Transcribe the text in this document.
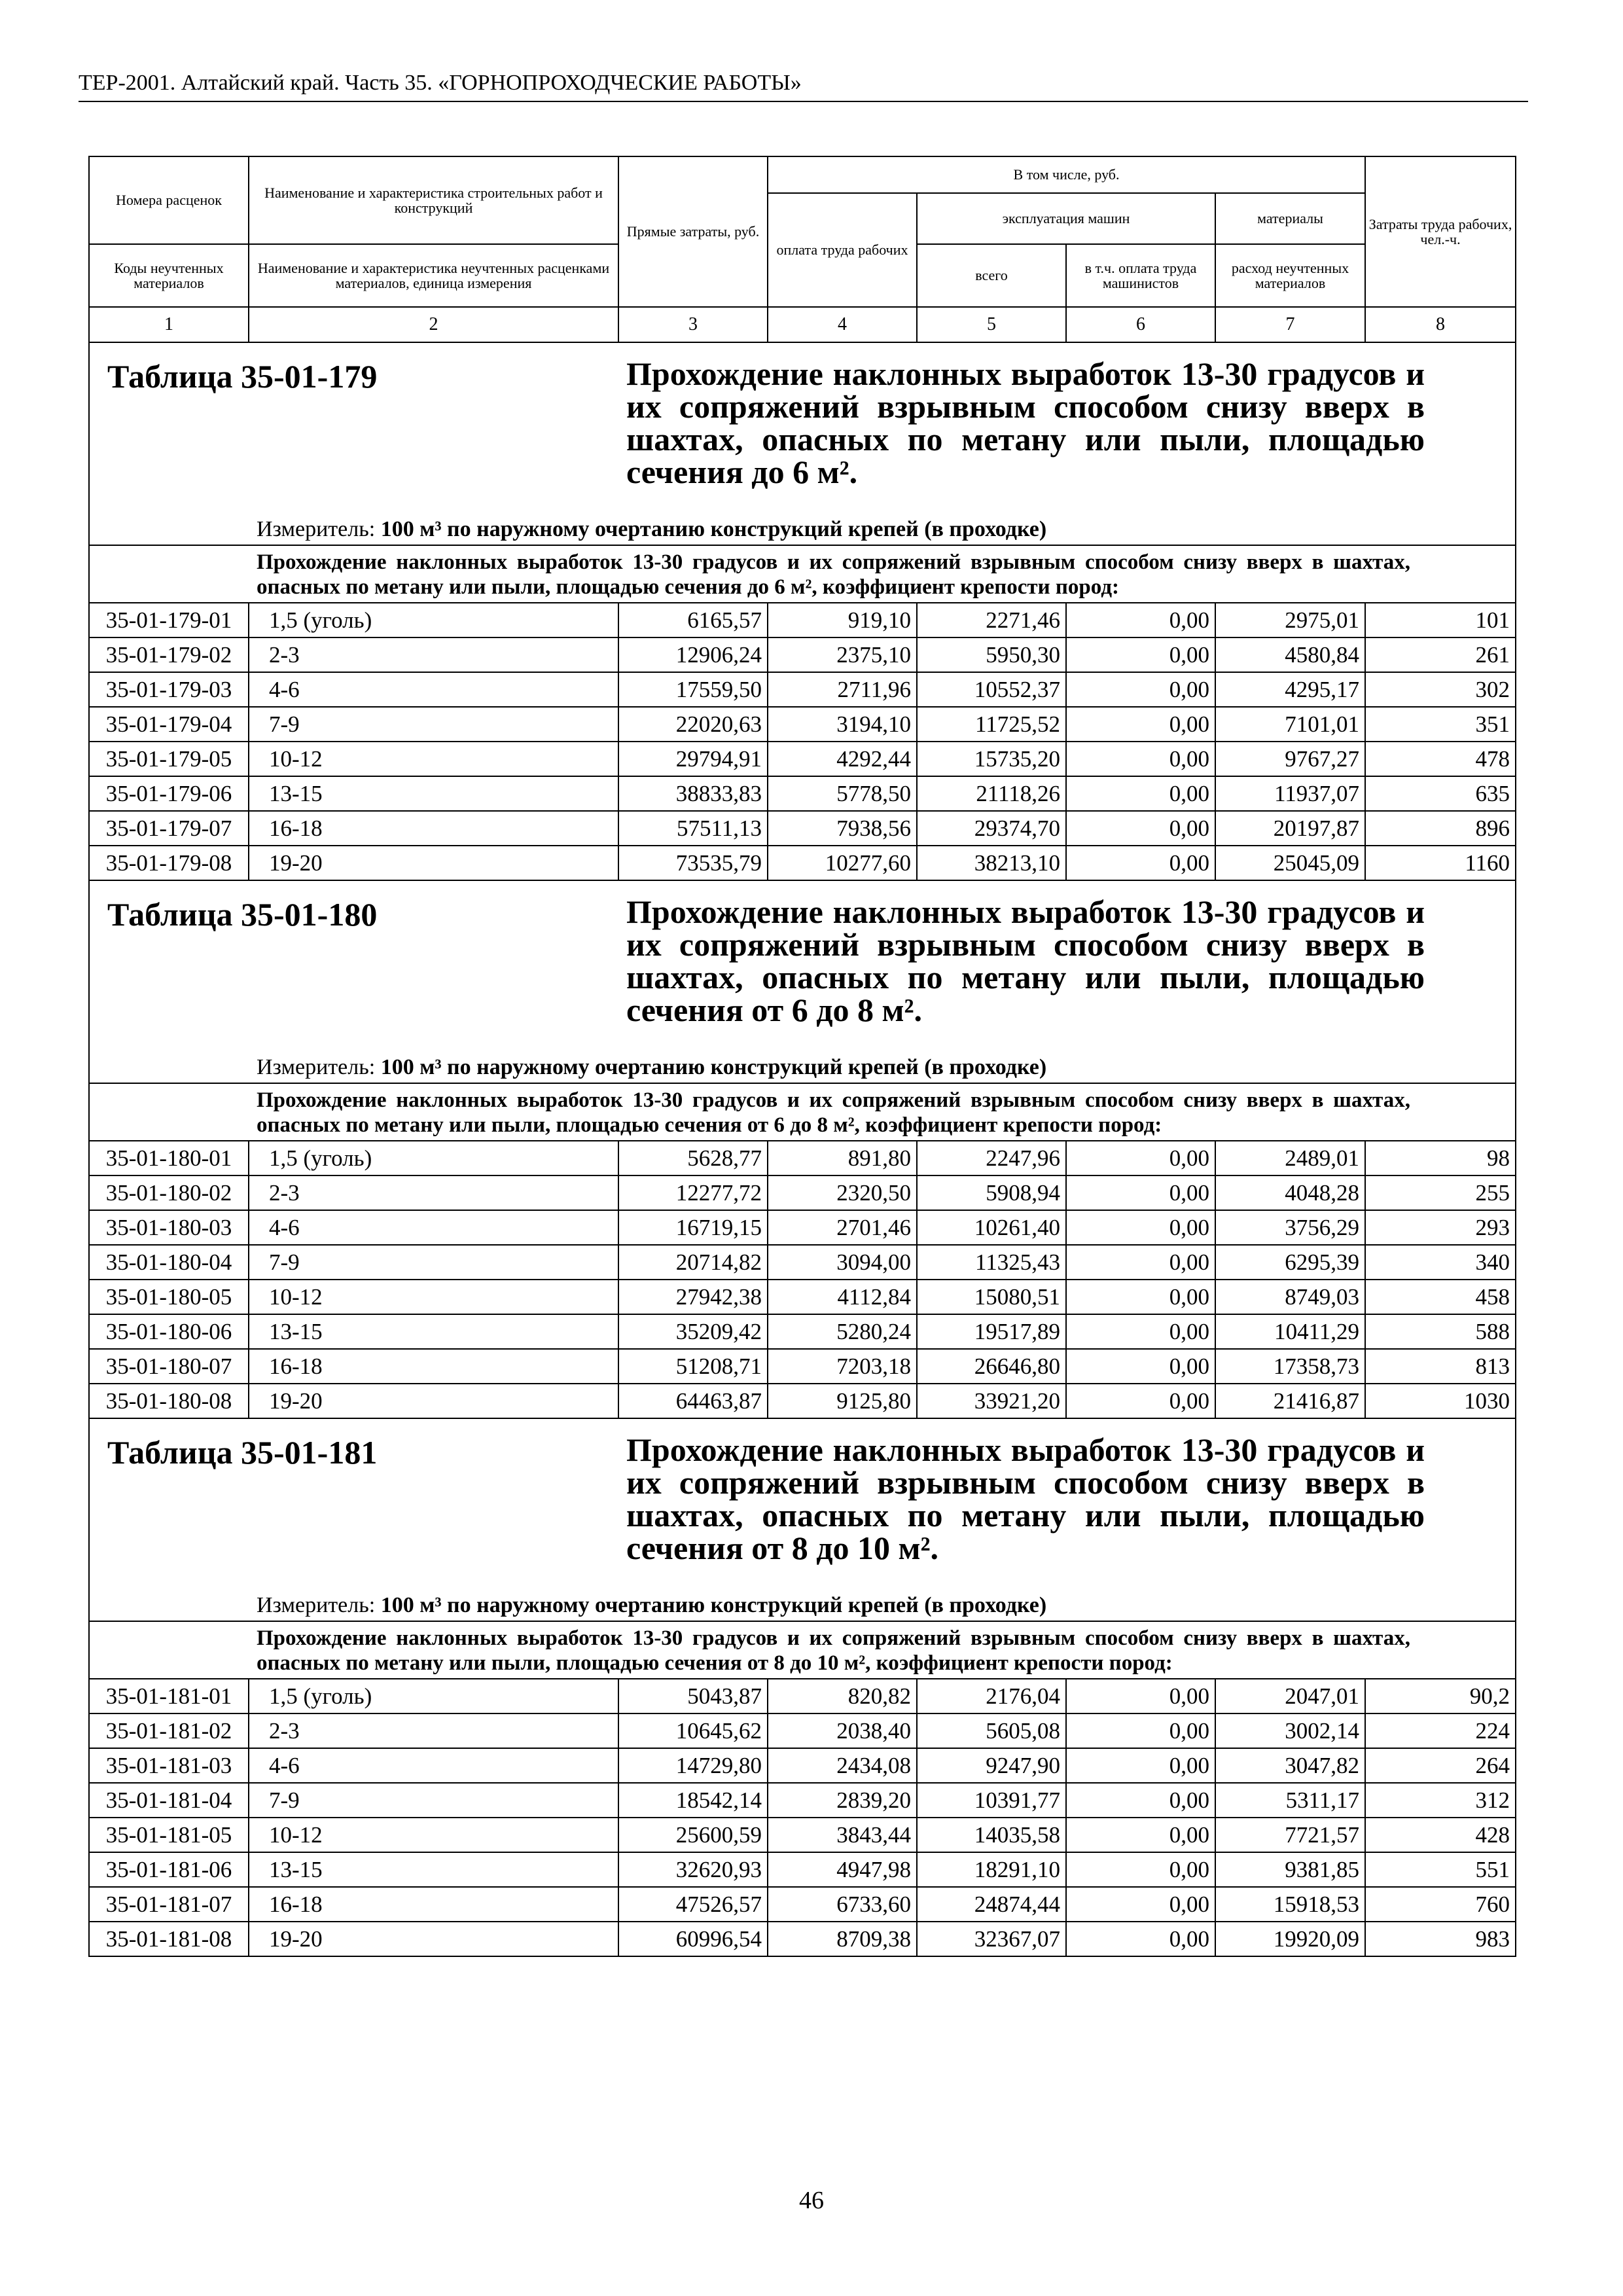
ТЕР-2001. Алтайский край. Часть 35. «ГОРНОПРОХОДЧЕСКИЕ РАБОТЫ»
Номера расценок	Наименование и характеристика строительных работ и конструкций	Прямые затраты, руб.	В том числе, руб.				Затраты труда рабочих, чел.-ч.
			оплата труда рабочих	эксплуатация машин		материалы	
Коды неучтенных материалов	Наименование и характеристика неучтенных расценками материалов, единица измерения			всего	в т.ч. оплата труда машинистов	расход неучтенных материалов	
1	2	3	4	5	6	7	8

Таблица 35-01-179 Прохождение наклонных выработок 13-30 градусов и их сопряжений взрывным способом снизу вверх в шахтах, опасных по метану или пыли, площадью сечения до 6 м².
Измеритель: 100 м³ по наружному очертанию конструкций крепей (в проходке)							

Прохождение наклонных выработок 13-30 градусов и их сопряжений взрывным способом снизу вверх в шахтах, опасных по метану или пыли, площадью сечения до 6 м², коэффициент крепости пород:							
35-01-179-01	1,5 (уголь)	6165,57	919,10	2271,46	0,00	2975,01	101
35-01-179-02	2-3	12906,24	2375,10	5950,30	0,00	4580,84	261
35-01-179-03	4-6	17559,50	2711,96	10552,37	0,00	4295,17	302
35-01-179-04	7-9	22020,63	3194,10	11725,52	0,00	7101,01	351
35-01-179-05	10-12	29794,91	4292,44	15735,20	0,00	9767,27	478
35-01-179-06	13-15	38833,83	5778,50	21118,26	0,00	11937,07	635
35-01-179-07	16-18	57511,13	7938,56	29374,70	0,00	20197,87	896
35-01-179-08	19-20	73535,79	10277,60	38213,10	0,00	25045,09	1160

Таблица 35-01-180 Прохождение наклонных выработок 13-30 градусов и их сопряжений взрывным способом снизу вверх в шахтах, опасных по метану или пыли, площадью сечения от 6 до 8 м².
Измеритель: 100 м³ по наружному очертанию конструкций крепей (в проходке)							

Прохождение наклонных выработок 13-30 градусов и их сопряжений взрывным способом снизу вверх в шахтах, опасных по метану или пыли, площадью сечения от 6 до 8 м², коэффициент крепости пород:							
35-01-180-01	1,5 (уголь)	5628,77	891,80	2247,96	0,00	2489,01	98
35-01-180-02	2-3	12277,72	2320,50	5908,94	0,00	4048,28	255
35-01-180-03	4-6	16719,15	2701,46	10261,40	0,00	3756,29	293
35-01-180-04	7-9	20714,82	3094,00	11325,43	0,00	6295,39	340
35-01-180-05	10-12	27942,38	4112,84	15080,51	0,00	8749,03	458
35-01-180-06	13-15	35209,42	5280,24	19517,89	0,00	10411,29	588
35-01-180-07	16-18	51208,71	7203,18	26646,80	0,00	17358,73	813
35-01-180-08	19-20	64463,87	9125,80	33921,20	0,00	21416,87	1030

Таблица 35-01-181 Прохождение наклонных выработок 13-30 градусов и их сопряжений взрывным способом снизу вверх в шахтах, опасных по метану или пыли, площадью сечения от 8 до 10 м².
Измеритель: 100 м³ по наружному очертанию конструкций крепей (в проходке)							

Прохождение наклонных выработок 13-30 градусов и их сопряжений взрывным способом снизу вверх в шахтах, опасных по метану или пыли, площадью сечения от 8 до 10 м², коэффициент крепости пород:							
35-01-181-01	1,5 (уголь)	5043,87	820,82	2176,04	0,00	2047,01	90,2
35-01-181-02	2-3	10645,62	2038,40	5605,08	0,00	3002,14	224
35-01-181-03	4-6	14729,80	2434,08	9247,90	0,00	3047,82	264
35-01-181-04	7-9	18542,14	2839,20	10391,77	0,00	5311,17	312
35-01-181-05	10-12	25600,59	3843,44	14035,58	0,00	7721,57	428
35-01-181-06	13-15	32620,93	4947,98	18291,10	0,00	9381,85	551
35-01-181-07	16-18	47526,57	6733,60	24874,44	0,00	15918,53	760
35-01-181-08	19-20	60996,54	8709,38	32367,07	0,00	19920,09	983
46
